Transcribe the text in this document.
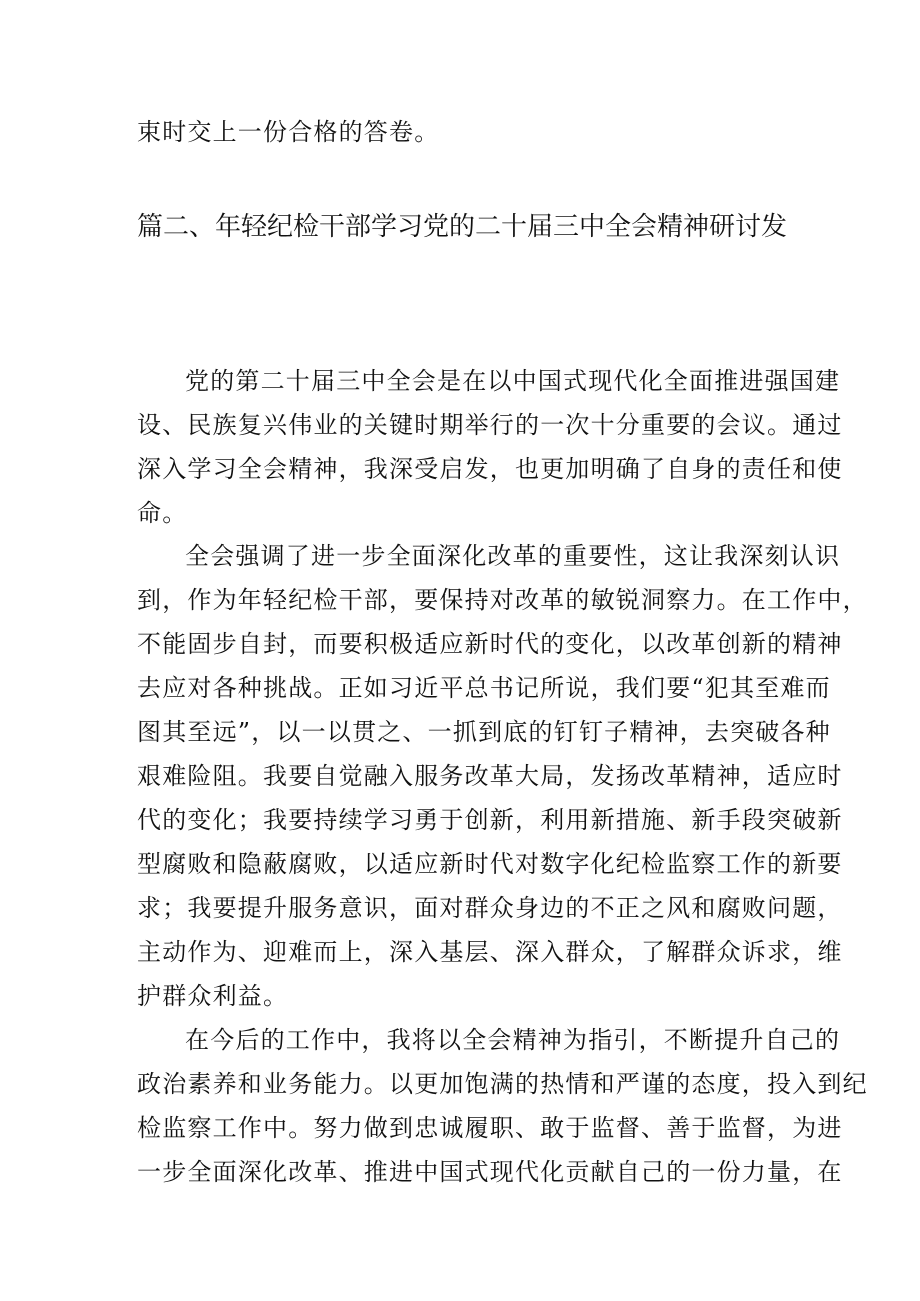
束时交上一份合格的答卷。
篇二、年轻纪检干部学习党的二十届三中全会精神研讨发
党的第二十届三中全会是在以中国式现代化全面推进强国建
设、民族复兴伟业的关键时期举行的一次十分重要的会议。通过
深入学习全会精神，我深受启发，也更加明确了自身的责任和使
命。
全会强调了进一步全面深化改革的重要性，这让我深刻认识
到，作为年轻纪检干部，要保持对改革的敏锐洞察力。在工作中，
不能固步自封，而要积极适应新时代的变化，以改革创新的精神
去应对各种挑战。正如习近平总书记所说，我们要“犯其至难而
图其至远”，以一以贯之、一抓到底的钉钉子精神，去突破各种
艰难险阻。我要自觉融入服务改革大局，发扬改革精神，适应时
代的变化；我要持续学习勇于创新，利用新措施、新手段突破新
型腐败和隐蔽腐败，以适应新时代对数字化纪检监察工作的新要
求；我要提升服务意识，面对群众身边的不正之风和腐败问题，
主动作为、迎难而上，深入基层、深入群众，了解群众诉求，维
护群众利益。
在今后的工作中，我将以全会精神为指引，不断提升自己的
政治素养和业务能力。以更加饱满的热情和严谨的态度，投入到纪
检监察工作中。努力做到忠诚履职、敢于监督、善于监督，为进
一步全面深化改革、推进中国式现代化贡献自己的一份力量，在
